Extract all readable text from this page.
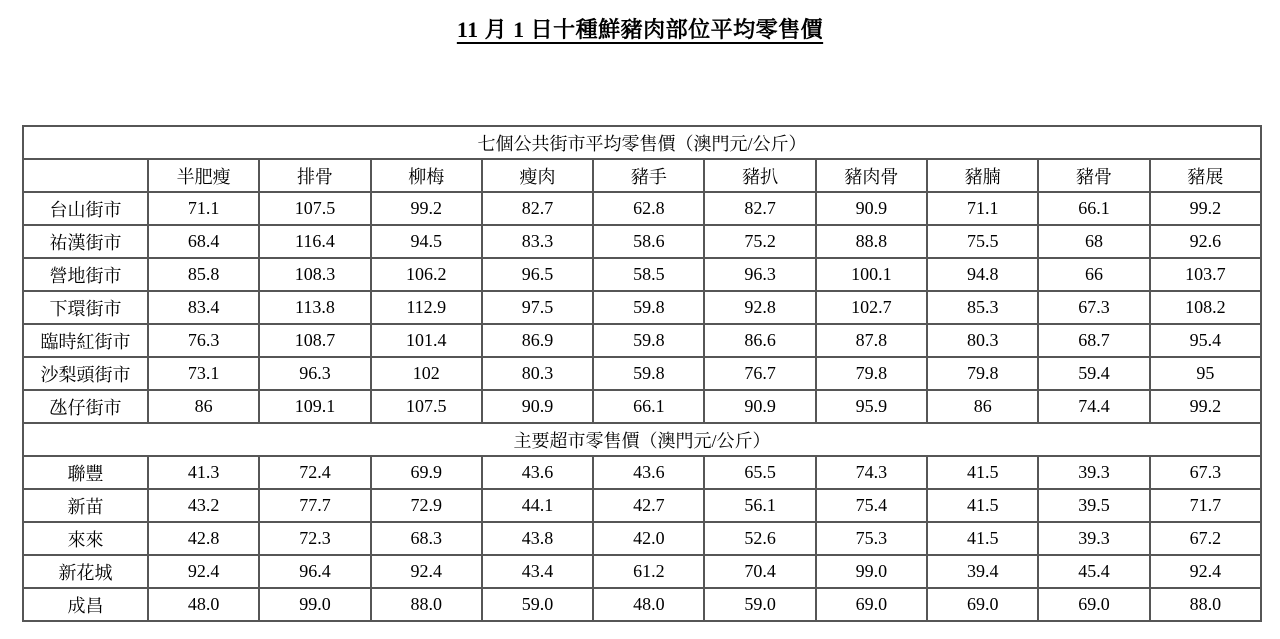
11 月 1 日十種鮮豬肉部位平均零售價
七個公共街市平均零售價（澳門元/公斤）										
	半肥瘦	排骨	柳梅	瘦肉	豬手	豬扒	豬肉骨	豬腩	豬骨	豬展
台山街市	71.1	107.5	99.2	82.7	62.8	82.7	90.9	71.1	66.1	99.2
祐漢街市	68.4	116.4	94.5	83.3	58.6	75.2	88.8	75.5	68	92.6
營地街市	85.8	108.3	106.2	96.5	58.5	96.3	100.1	94.8	66	103.7
下環街市	83.4	113.8	112.9	97.5	59.8	92.8	102.7	85.3	67.3	108.2
臨時紅街市	76.3	108.7	101.4	86.9	59.8	86.6	87.8	80.3	68.7	95.4
沙梨頭街市	73.1	96.3	102	80.3	59.8	76.7	79.8	79.8	59.4	95
氹仔街市	86	109.1	107.5	90.9	66.1	90.9	95.9	86	74.4	99.2
主要超市零售價（澳門元/公斤）										
聯豐	41.3	72.4	69.9	43.6	43.6	65.5	74.3	41.5	39.3	67.3
新苗	43.2	77.7	72.9	44.1	42.7	56.1	75.4	41.5	39.5	71.7
來來	42.8	72.3	68.3	43.8	42.0	52.6	75.3	41.5	39.3	67.2
新花城	92.4	96.4	92.4	43.4	61.2	70.4	99.0	39.4	45.4	92.4
成昌	48.0	99.0	88.0	59.0	48.0	59.0	69.0	69.0	69.0	88.0
